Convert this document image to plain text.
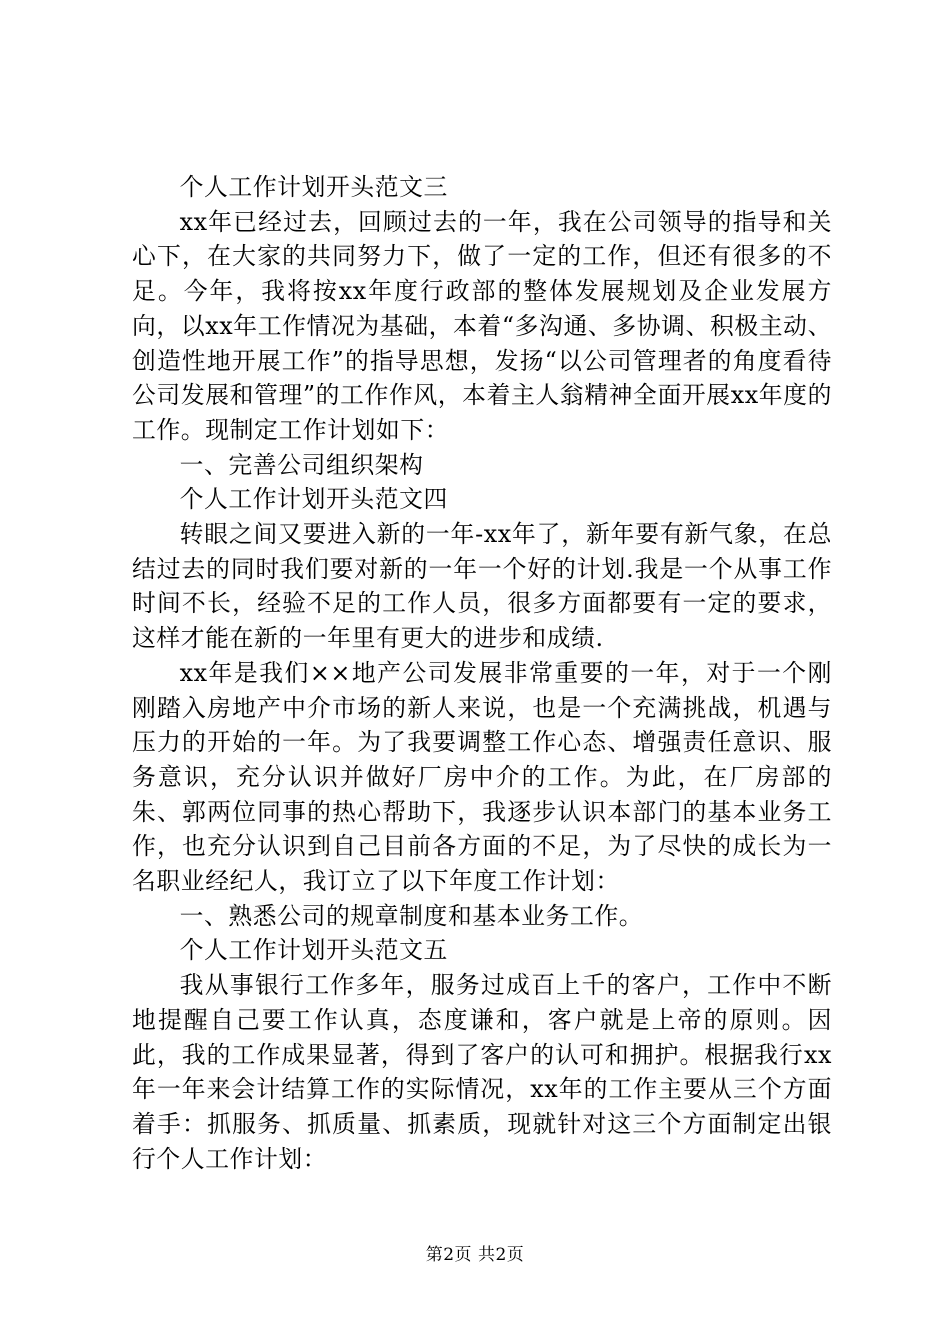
个人工作计划开头范文三

xx年已经过去，回顾过去的一年，我在公司领导的指导和关心下，在大家的共同努力下，做了一定的工作，但还有很多的不足。今年，我将按xx年度行政部的整体发展规划及企业发展方向，以xx年工作情况为基础，本着“多沟通、多协调、积极主动、创造性地开展工作”的指导思想，发扬“以公司管理者的角度看待公司发展和管理”的工作作风，本着主人翁精神全面开展xx年度的工作。现制定工作计划如下：

一、完善公司组织架构

个人工作计划开头范文四

转眼之间又要进入新的一年-xx年了，新年要有新气象，在总结过去的同时我们要对新的一年一个好的计划.我是一个从事工作时间不长，经验不足的工作人员，很多方面都要有一定的要求，这样才能在新的一年里有更大的进步和成绩.

xx年是我们××地产公司发展非常重要的一年，对于一个刚刚踏入房地产中介市场的新人来说，也是一个充满挑战，机遇与压力的开始的一年。为了我要调整工作心态、增强责任意识、服务意识，充分认识并做好厂房中介的工作。为此，在厂房部的朱、郭两位同事的热心帮助下，我逐步认识本部门的基本业务工作，也充分认识到自己目前各方面的不足，为了尽快的成长为一名职业经纪人，我订立了以下年度工作计划：

一、熟悉公司的规章制度和基本业务工作。

个人工作计划开头范文五

我从事银行工作多年，服务过成百上千的客户，工作中不断地提醒自己要工作认真，态度谦和，客户就是上帝的原则。因此，我的工作成果显著，得到了客户的认可和拥护。根据我行xx年一年来会计结算工作的实际情况，xx年的工作主要从三个方面着手：抓服务、抓质量、抓素质，现就针对这三个方面制定出银行个人工作计划：

第2页 共2页
